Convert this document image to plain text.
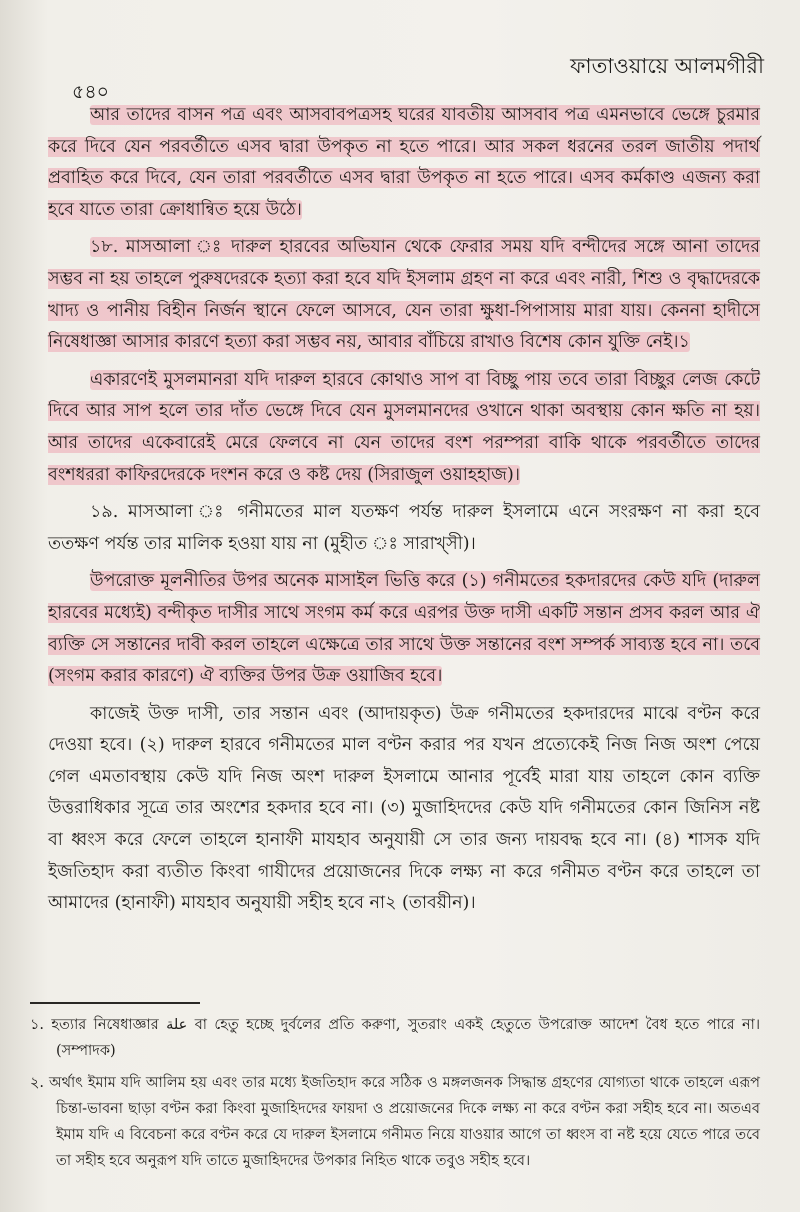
ফাতাওয়ায়ে আলমগীরী
৫৪০

আর তাদের বাসন পত্র এবং আসবাবপত্রসহ ঘরের যাবতীয় আসবাব পত্র এমনভাবে ভেঙ্গে চুরমার করে দিবে যেন পরবর্তীতে এসব দ্বারা উপকৃত না হতে পারে। আর সকল ধরনের তরল জাতীয় পদার্থ প্রবাহিত করে দিবে, যেন তারা পরবর্তীতে এসব দ্বারা উপকৃত না হতে পারে। এসব কর্মকাণ্ড এজন্য করা হবে যাতে তারা ক্রোধান্বিত হয়ে উঠে।

১৮. মাসআলা ঃ দারুল হারবের অভিযান থেকে ফেরার সময় যদি বন্দীদের সঙ্গে আনা তাদের সম্ভব না হয় তাহলে পুরুষদেরকে হত্যা করা হবে যদি ইসলাম গ্রহণ না করে এবং নারী, শিশু ও বৃদ্ধাদেরকে খাদ্য ও পানীয় বিহীন নির্জন স্থানে ফেলে আসবে, যেন তারা ক্ষুধা-পিপাসায় মারা যায়। কেননা হাদীসে নিষেধাজ্ঞা আসার কারণে হত্যা করা সম্ভব নয়, আবার বাঁচিয়ে রাখাও বিশেষ কোন যুক্তি নেই।১

একারণেই মুসলমানরা যদি দারুল হারবে কোথাও সাপ বা বিচ্ছু পায় তবে তারা বিচ্ছুর লেজ কেটে দিবে আর সাপ হলে তার দাঁত ভেঙ্গে দিবে যেন মুসলমানদের ওখানে থাকা অবস্থায় কোন ক্ষতি না হয়। আর তাদের একেবারেই মেরে ফেলবে না যেন তাদের বংশ পরম্পরা বাকি থাকে পরবর্তীতে তাদের বংশধররা কাফিরদেরকে দংশন করে ও কষ্ট দেয় (সিরাজুল ওয়াহহাজ)।

১৯. মাসআলা ঃ গনীমতের মাল যতক্ষণ পর্যন্ত দারুল ইসলামে এনে সংরক্ষণ না করা হবে ততক্ষণ পর্যন্ত তার মালিক হওয়া যায় না (মুহীত ঃ সারাখ্সী)।

উপরোক্ত মূলনীতির উপর অনেক মাসাইল ভিত্তি করে (১) গনীমতের হকদারদের কেউ যদি (দারুল হারবের মধ্যেই) বন্দীকৃত দাসীর সাথে সংগম কর্ম করে এরপর উক্ত দাসী একটি সন্তান প্রসব করল আর ঐ ব্যক্তি সে সন্তানের দাবী করল তাহলে এক্ষেত্রে তার সাথে উক্ত সন্তানের বংশ সম্পর্ক সাব্যস্ত হবে না। তবে (সংগম করার কারণে) ঐ ব্যক্তির উপর উক্র ওয়াজিব হবে।

কাজেই উক্ত দাসী, তার সন্তান এবং (আদায়কৃত) উক্র গনীমতের হকদারদের মাঝে বণ্টন করে দেওয়া হবে। (২) দারুল হারবে গনীমতের মাল বণ্টন করার পর যখন প্রত্যেকেই নিজ নিজ অংশ পেয়ে গেল এমতাবস্থায় কেউ যদি নিজ অংশ দারুল ইসলামে আনার পূর্বেই মারা যায় তাহলে কোন ব্যক্তি উত্তরাধিকার সূত্রে তার অংশের হকদার হবে না। (৩) মুজাহিদদের কেউ যদি গনীমতের কোন জিনিস নষ্ট বা ধ্বংস করে ফেলে তাহলে হানাফী মাযহাব অনুযায়ী সে তার জন্য দায়বদ্ধ হবে না। (৪) শাসক যদি ইজতিহাদ করা ব্যতীত কিংবা গাযীদের প্রয়োজনের দিকে লক্ষ্য না করে গনীমত বণ্টন করে তাহলে তা আমাদের (হানাফী) মাযহাব অনুযায়ী সহীহ হবে না২ (তাবয়ীন)।

১. হত্যার নিষেধাজ্ঞার علة বা হেতু হচ্ছে দুর্বলের প্রতি করুণা, সুতরাং একই হেতুতে উপরোক্ত আদেশ বৈধ হতে পারে না। (সম্পাদক)

২. অর্থাৎ ইমাম যদি আলিম হয় এবং তার মধ্যে ইজতিহাদ করে সঠিক ও মঙ্গলজনক সিদ্ধান্ত গ্রহণের যোগ্যতা থাকে তাহলে এরূপ চিন্তা-ভাবনা ছাড়া বণ্টন করা কিংবা মুজাহিদদের ফায়দা ও প্রয়োজনের দিকে লক্ষ্য না করে বণ্টন করা সহীহ হবে না। অতএব ইমাম যদি এ বিবেচনা করে বণ্টন করে যে দারুল ইসলামে গনীমত নিয়ে যাওয়ার আগে তা ধ্বংস বা নষ্ট হয়ে যেতে পারে তবে তা সহীহ হবে অনুরূপ যদি তাতে মুজাহিদদের উপকার নিহিত থাকে তবুও সহীহ হবে।
